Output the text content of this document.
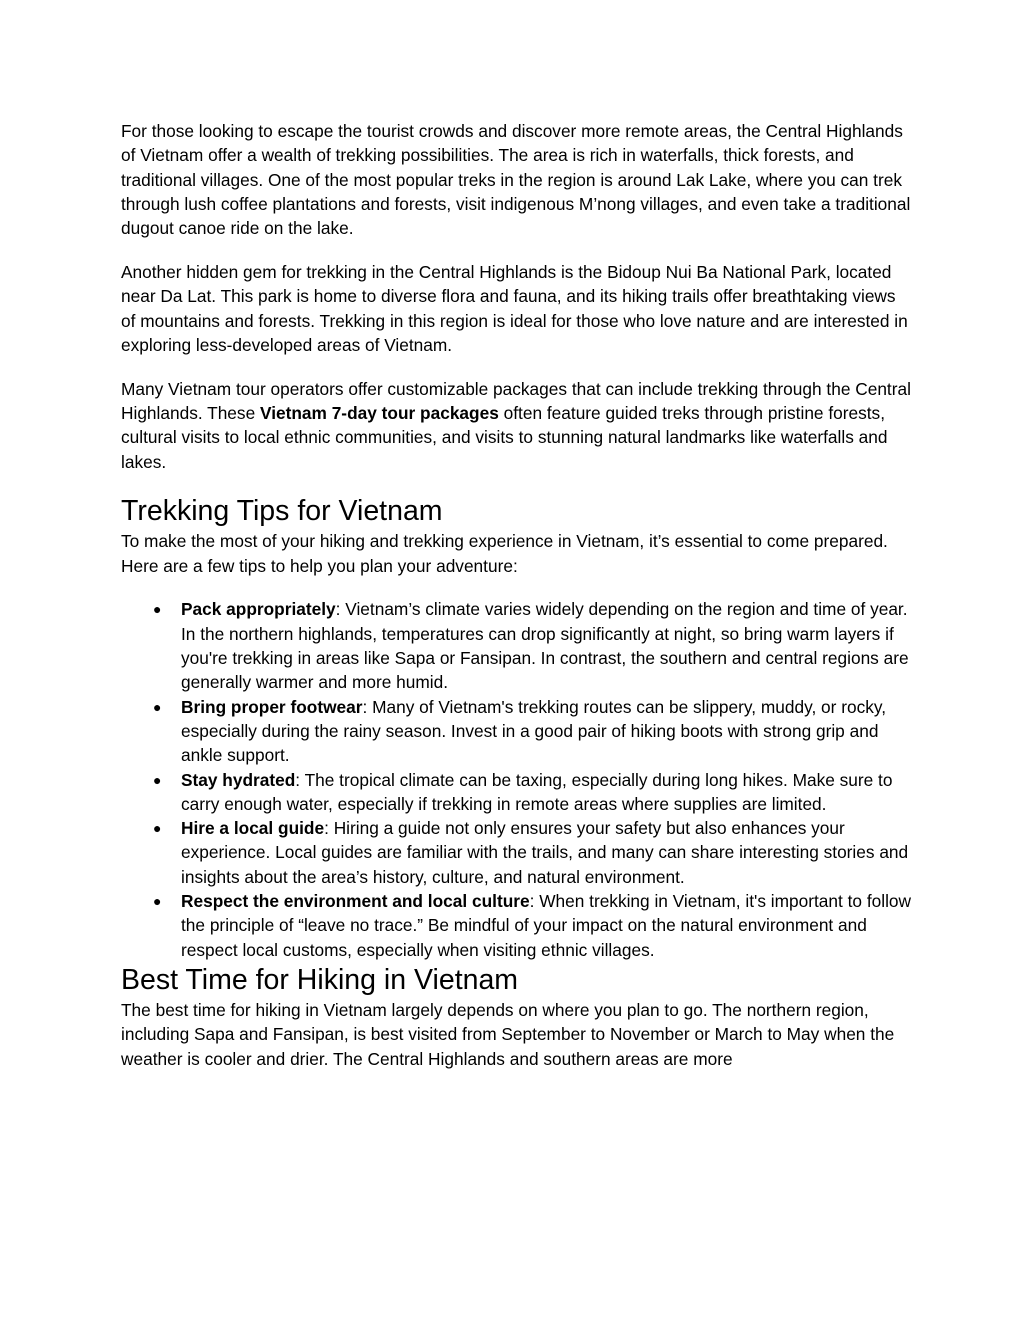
For those looking to escape the tourist crowds and discover more remote areas, the Central Highlands of Vietnam offer a wealth of trekking possibilities. The area is rich in waterfalls, thick forests, and traditional villages. One of the most popular treks in the region is around Lak Lake, where you can trek through lush coffee plantations and forests, visit indigenous M’nong villages, and even take a traditional dugout canoe ride on the lake.

Another hidden gem for trekking in the Central Highlands is the Bidoup Nui Ba National Park, located near Da Lat. This park is home to diverse flora and fauna, and its hiking trails offer breathtaking views of mountains and forests. Trekking in this region is ideal for those who love nature and are interested in exploring less-developed areas of Vietnam.

Many Vietnam tour operators offer customizable packages that can include trekking through the Central Highlands. These Vietnam 7-day tour packages often feature guided treks through pristine forests, cultural visits to local ethnic communities, and visits to stunning natural landmarks like waterfalls and lakes.

Trekking Tips for Vietnam

To make the most of your hiking and trekking experience in Vietnam, it’s essential to come prepared. Here are a few tips to help you plan your adventure:

● Pack appropriately: Vietnam’s climate varies widely depending on the region and time of year. In the northern highlands, temperatures can drop significantly at night, so bring warm layers if you're trekking in areas like Sapa or Fansipan. In contrast, the southern and central regions are generally warmer and more humid.
● Bring proper footwear: Many of Vietnam's trekking routes can be slippery, muddy, or rocky, especially during the rainy season. Invest in a good pair of hiking boots with strong grip and ankle support.
● Stay hydrated: The tropical climate can be taxing, especially during long hikes. Make sure to carry enough water, especially if trekking in remote areas where supplies are limited.
● Hire a local guide: Hiring a guide not only ensures your safety but also enhances your experience. Local guides are familiar with the trails, and many can share interesting stories and insights about the area’s history, culture, and natural environment.
● Respect the environment and local culture: When trekking in Vietnam, it's important to follow the principle of “leave no trace.” Be mindful of your impact on the natural environment and respect local customs, especially when visiting ethnic villages.
Best Time for Hiking in Vietnam

The best time for hiking in Vietnam largely depends on where you plan to go. The northern region, including Sapa and Fansipan, is best visited from September to November or March to May when the weather is cooler and drier. The Central Highlands and southern areas are more
